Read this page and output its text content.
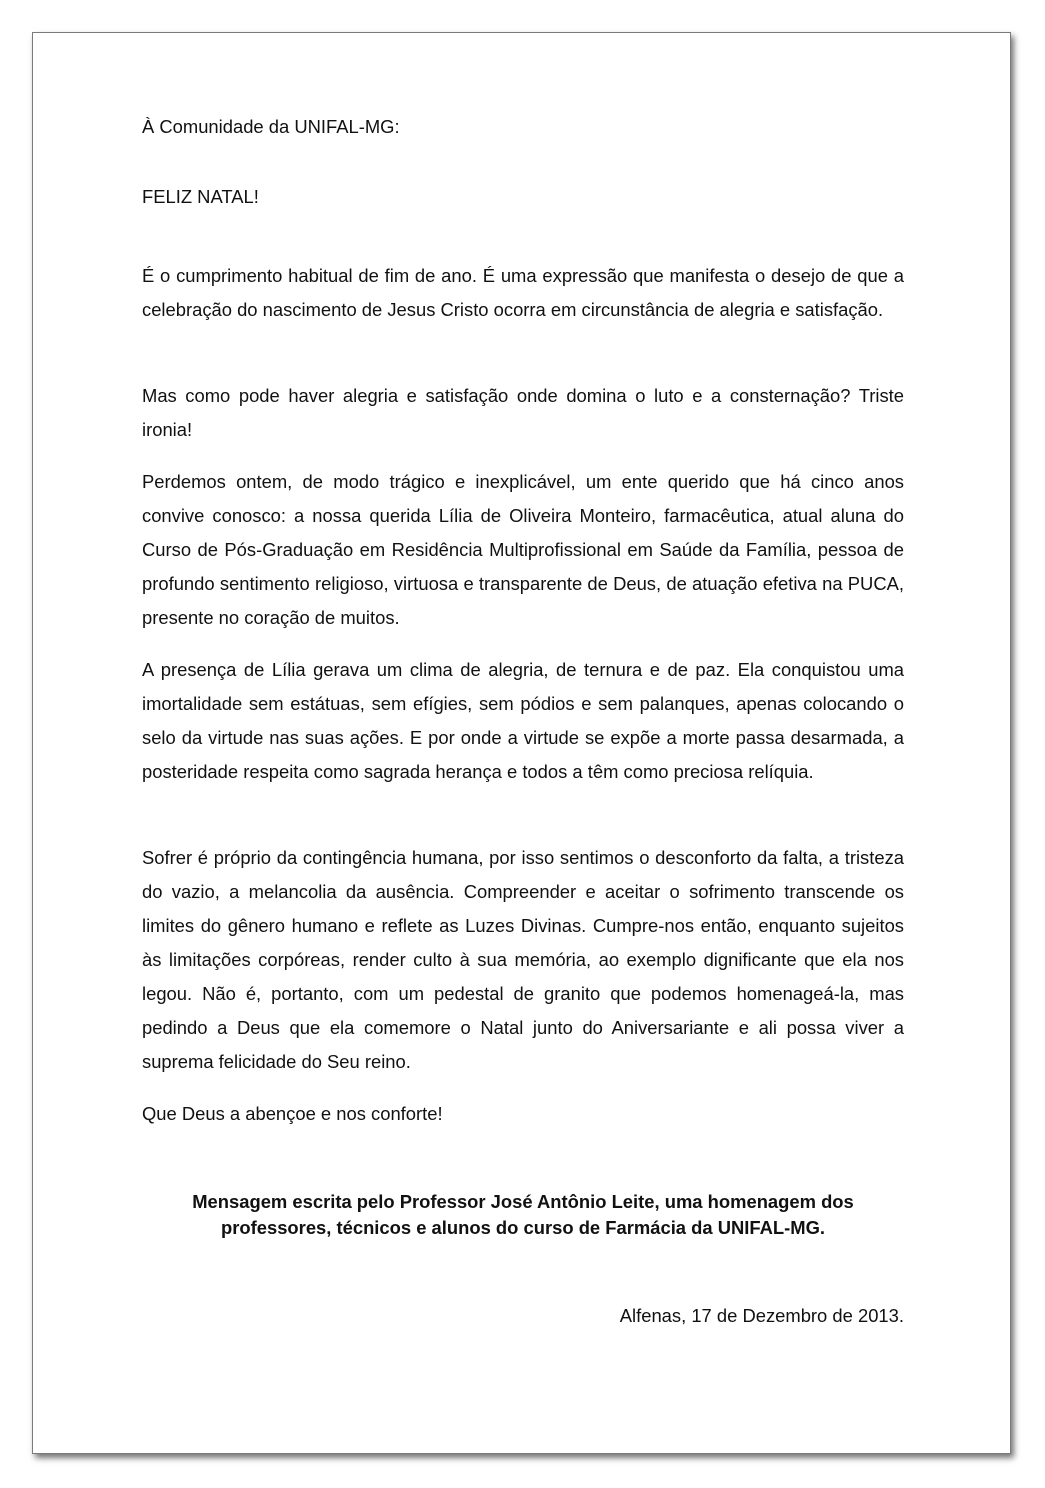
À Comunidade da UNIFAL-MG:

FELIZ NATAL!

É o cumprimento habitual de fim de ano. É uma expressão que manifesta o desejo de que a celebração do nascimento de Jesus Cristo ocorra em circunstância de alegria e satisfação.

Mas como pode haver alegria e satisfação onde domina o luto e a consternação? Triste ironia!

Perdemos ontem, de modo trágico e inexplicável, um ente querido que há cinco anos convive conosco: a nossa querida Lília de Oliveira Monteiro, farmacêutica, atual aluna do Curso de Pós-Graduação em Residência Multiprofissional em Saúde da Família, pessoa de profundo sentimento religioso, virtuosa e transparente de Deus, de atuação efetiva na PUCA, presente no coração de muitos.

A presença de Lília gerava um clima de alegria, de ternura e de paz. Ela conquistou uma imortalidade sem estátuas, sem efígies, sem pódios e sem palanques, apenas colocando o selo da virtude nas suas ações. E por onde a virtude se expõe a morte passa desarmada, a posteridade respeita como sagrada herança e todos a têm como preciosa relíquia.

Sofrer é próprio da contingência humana, por isso sentimos o desconforto da falta, a tristeza do vazio, a melancolia da ausência. Compreender e aceitar o sofrimento transcende os limites do gênero humano e reflete as Luzes Divinas. Cumpre-nos então, enquanto sujeitos às limitações corpóreas, render culto à sua memória, ao exemplo dignificante que ela nos legou. Não é, portanto, com um pedestal de granito que podemos homenageá-la, mas pedindo a Deus que ela comemore o Natal junto do Aniversariante e ali possa viver a suprema felicidade do Seu reino.

Que Deus a abençoe e nos conforte!

Mensagem escrita pelo Professor José Antônio Leite, uma homenagem dos
professores, técnicos e alunos do curso de Farmácia da UNIFAL-MG.

Alfenas, 17 de Dezembro de 2013.
